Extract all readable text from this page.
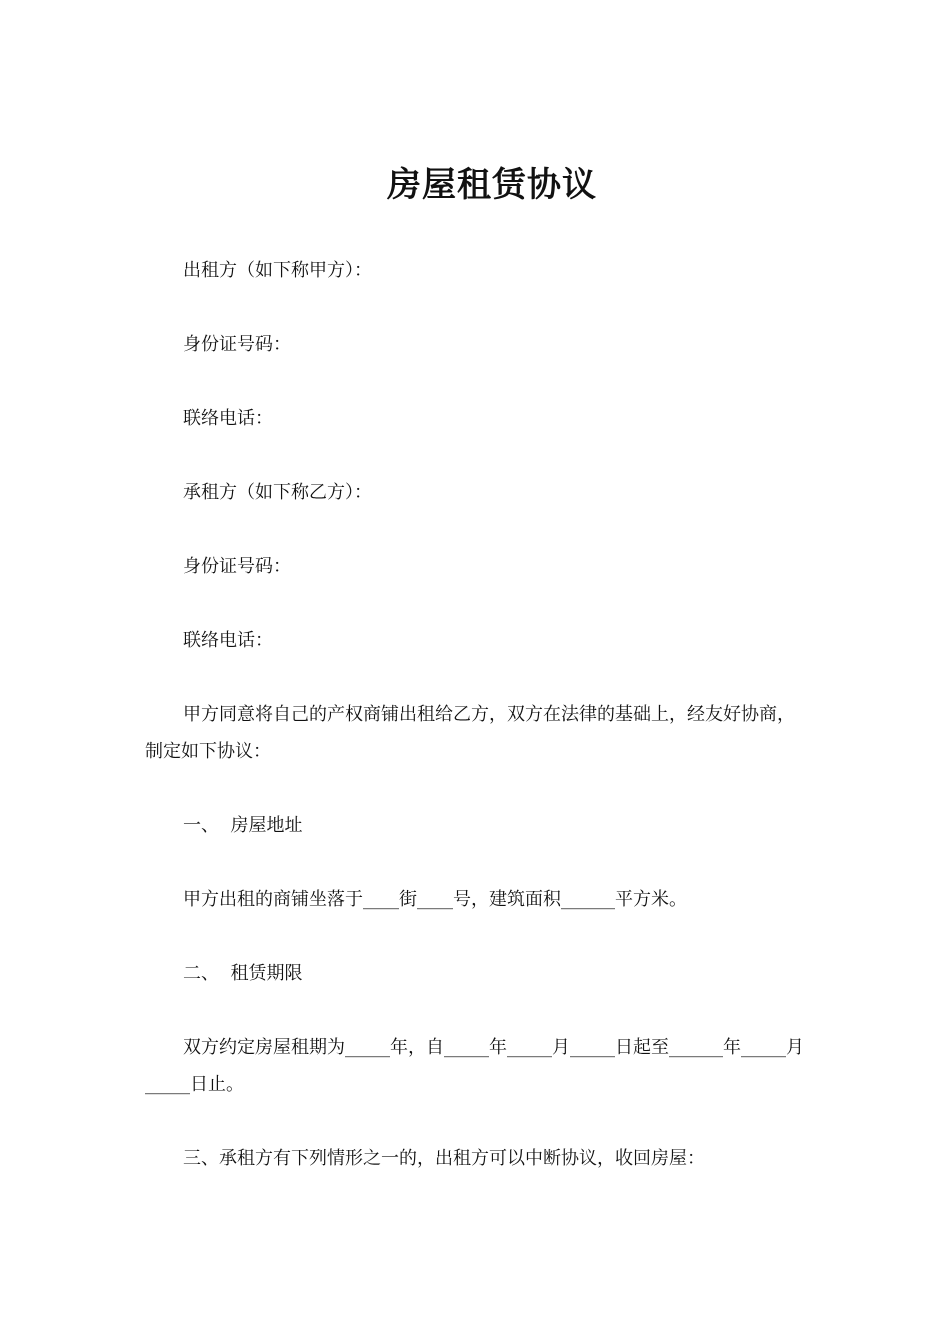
房屋租赁协议

出租方（如下称甲方）：

身份证号码：

联络电话：

承租方（如下称乙方）：

身份证号码：

联络电话：

甲方同意将自己的产权商铺出租给乙方，双方在法律的基础上，经友好协商，制定如下协议：

一、  房屋地址

甲方出租的商铺坐落于____街____号，建筑面积______平方米。

二、  租赁期限

双方约定房屋租期为_____年，自_____年_____月_____日起至______年_____月_____日止。

三、承租方有下列情形之一的，出租方可以中断协议，收回房屋：
